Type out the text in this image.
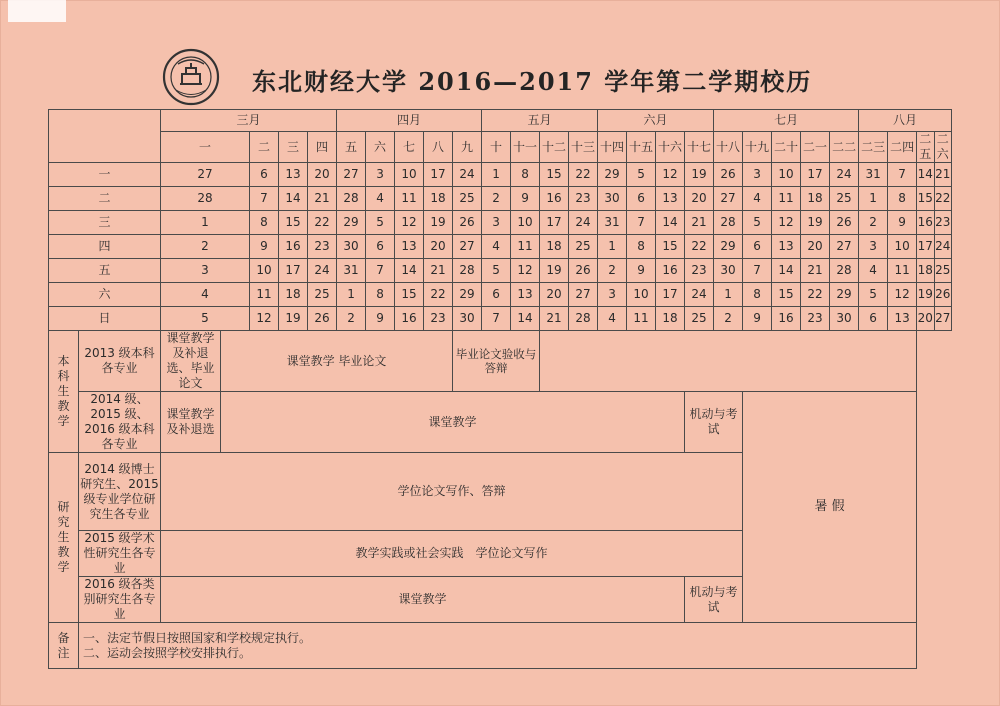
东北财经大学 2016—2017 学年第二学期校历
		三月					四月					五月				六月				七月					八月			
		一		二	三	四	五	六	七	八	九	十	十一	十二	十三	十四	十五	十六	十七	十八	十九	二十	二一	二二	二三	二四	二五	二六
一		27		6	13	20	27	3	10	17	24	1	8	15	22	29	5	12	19	26	3	10	17	24	31	7	14	21
二		28		7	14	21	28	4	11	18	25	2	9	16	23	30	6	13	20	27	4	11	18	25	1	8	15	22
三		1		8	15	22	29	5	12	19	26	3	10	17	24	31	7	14	21	28	5	12	19	26	2	9	16	23
四		2		9	16	23	30	6	13	20	27	4	11	18	25	1	8	15	22	29	6	13	20	27	3	10	17	24
五		3		10	17	24	31	7	14	21	28	5	12	19	26	2	9	16	23	30	7	14	21	28	4	11	18	25
六		4		11	18	25	1	8	15	22	29	6	13	20	27	3	10	17	24	1	8	15	22	29	5	12	19	26
日		5		12	19	26	2	9	16	23	30	7	14	21	28	4	11	18	25	2	9	16	23	30	6	13	20	27
本科生教学	2013 级本科各专业	课堂教学及补退选、毕业论文	课堂教学 毕业论文								毕业论文验收与答辩																	
	2014 级、2015 级、2016 级本科各专业	课堂教学及补退选	课堂教学																机动与考试		暑 假							
研究生教学	2014 级博士研究生、2015 级专业学位研究生各专业	学位论文写作、答辩																										
	2015 级学术性研究生各专业	教学实践或社会实践　学位论文写作																										
	2016 级各类别研究生各专业	课堂教学																	机动与考试									
备注	一、法定节假日按照国家和学校规定执行。
二、运动会按照学校安排执行。																											
